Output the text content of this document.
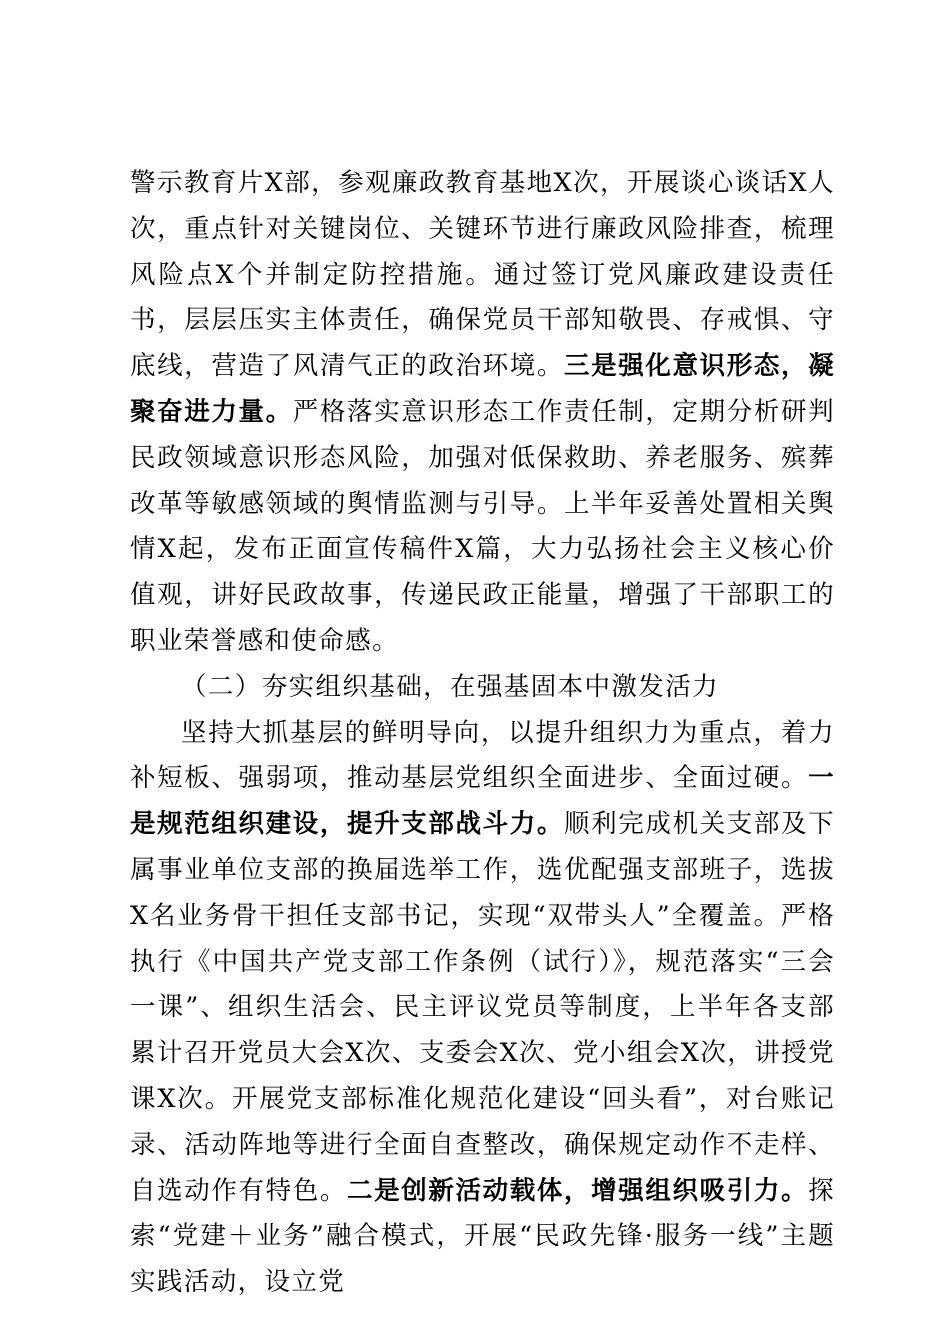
警示教育片X部，参观廉政教育基地X次，开展谈心谈话X人次，重点针对关键岗位、关键环节进行廉政风险排查，梳理风险点X个并制定防控措施。通过签订党风廉政建设责任书，层层压实主体责任，确保党员干部知敬畏、存戒惧、守底线，营造了风清气正的政治环境。三是强化意识形态，凝聚奋进力量。严格落实意识形态工作责任制，定期分析研判民政领域意识形态风险，加强对低保救助、养老服务、殡葬改革等敏感领域的舆情监测与引导。上半年妥善处置相关舆情X起，发布正面宣传稿件X篇，大力弘扬社会主义核心价值观，讲好民政故事，传递民政正能量，增强了干部职工的职业荣誉感和使命感。

（二）夯实组织基础，在强基固本中激发活力

坚持大抓基层的鲜明导向，以提升组织力为重点，着力补短板、强弱项，推动基层党组织全面进步、全面过硬。一是规范组织建设，提升支部战斗力。顺利完成机关支部及下属事业单位支部的换届选举工作，选优配强支部班子，选拔X名业务骨干担任支部书记，实现“双带头人”全覆盖。严格执行《中国共产党支部工作条例（试行）》，规范落实“三会一课”、组织生活会、民主评议党员等制度，上半年各支部累计召开党员大会X次、支委会X次、党小组会X次，讲授党课X次。开展党支部标准化规范化建设“回头看”，对台账记录、活动阵地等进行全面自查整改，确保规定动作不走样、自选动作有特色。二是创新活动载体，增强组织吸引力。探索“党建＋业务”融合模式，开展“民政先锋·服务一线”主题实践活动，设立党
